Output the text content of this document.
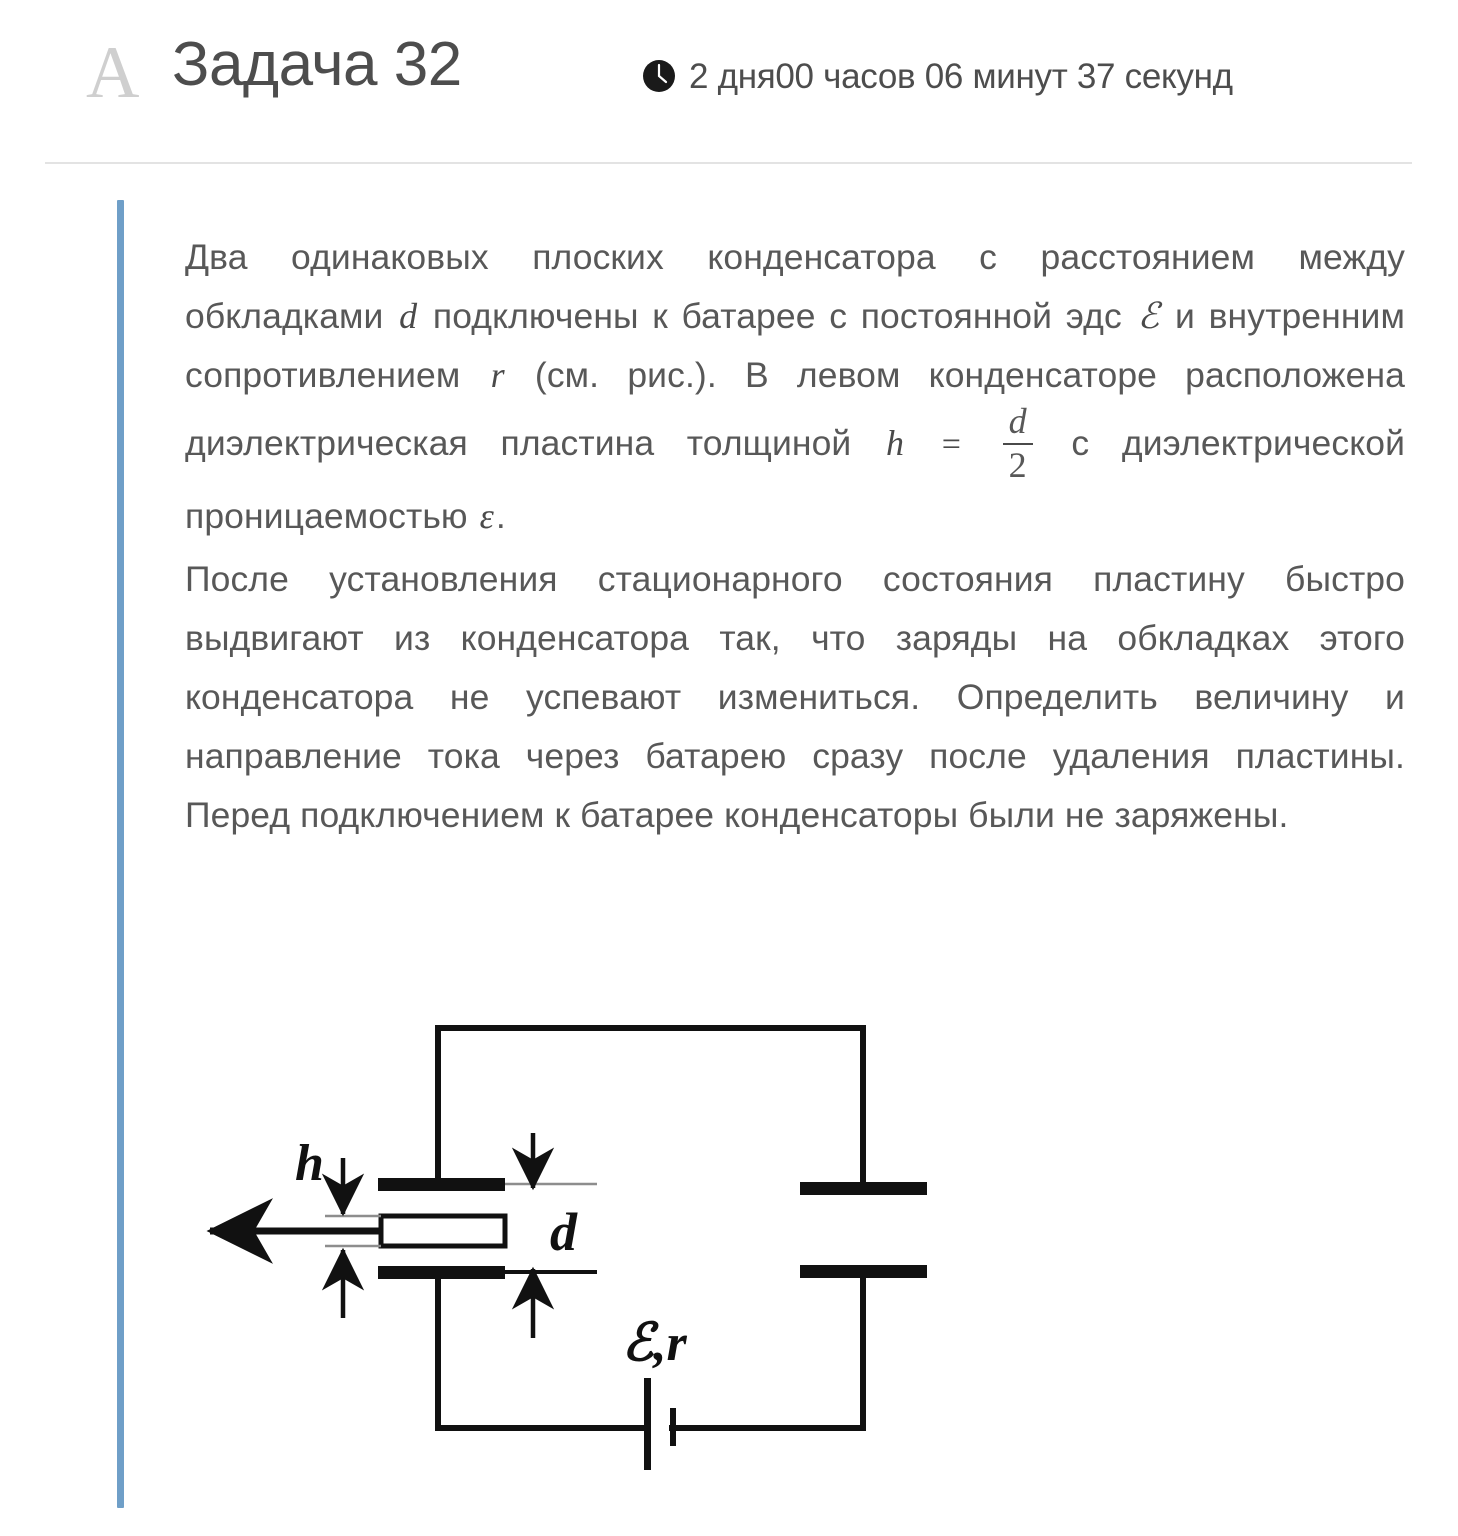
A Задача 32	2 дня00 часов 06 минут 37 секунд

Два одинаковых плоских конденсатора с расстоянием между обкладками d подключены к батарее с постоянной эдс ℰ и внутренним сопротивлением r (см. рис.). В левом конденсаторе расположена диэлектрическая пластина толщиной $h = \frac{d}{2}$ с диэлектрической проницаемостью ε.

После установления стационарного состояния пластину быстро выдвигают из конденсатора так, что заряды на обкладках этого конденсатора не успевают измениться. Определить величину и направление тока через батарею сразу после удаления пластины. Перед подключением к батарее конденсаторы были не заряжены.

h
d
ℰ,r
